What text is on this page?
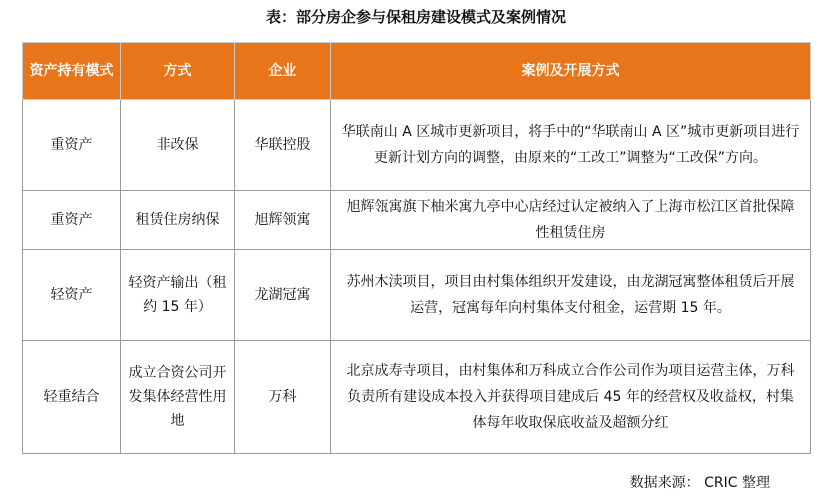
表：部分房企参与保租房建设模式及案例情况
资产持有模式	方式	企业	案例及开展方式
重资产	非改保	华联控股	华联南山 A 区城市更新项目，将手中的“华联南山 A 区”城市更新项目进行更新计划方向的调整，由原来的“工改工”调整为“工改保”方向。
重资产	租赁住房纳保	旭辉领寓	旭辉瓴寓旗下柚米寓九亭中心店经过认定被纳入了上海市松江区首批保障性租赁住房
轻资产	轻资产输出（租约 15 年）	龙湖冠寓	苏州木渎项目，项目由村集体组织开发建设，由龙湖冠寓整体租赁后开展运营，冠寓每年向村集体支付租金，运营期 15 年。
轻重结合	成立合资公司开发集体经营性用地	万科	北京成寿寺项目，由村集体和万科成立合作公司作为项目运营主体，万科负责所有建设成本投入并获得项目建成后 45 年的经营权及收益权，村集体每年收取保底收益及超额分红
数据来源： CRIC 整理
